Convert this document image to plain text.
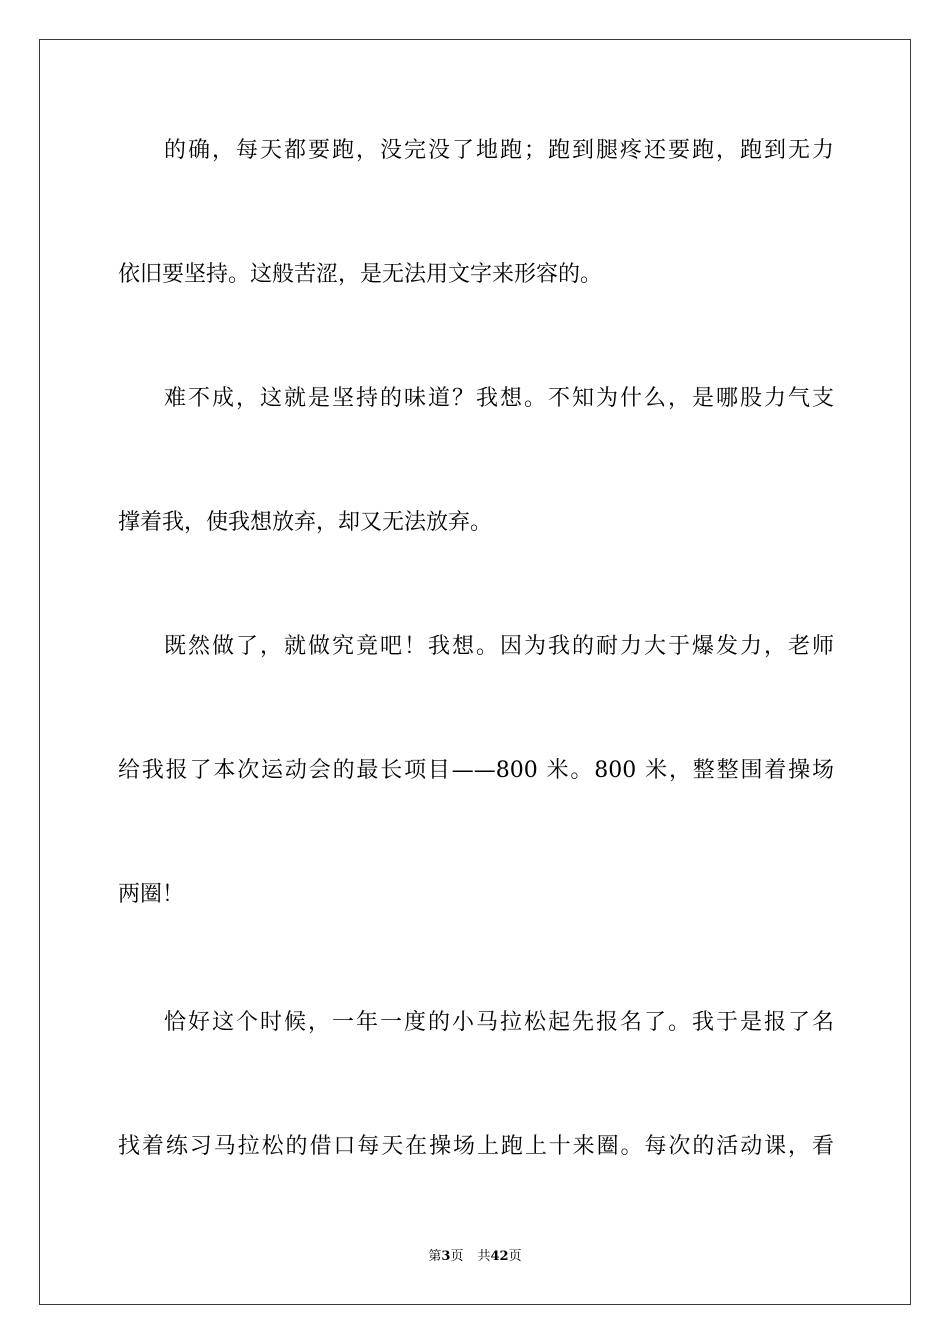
的确，每天都要跑，没完没了地跑；跑到腿疼还要跑，跑到无力
依旧要坚持。这般苦涩，是无法用文字来形容的。
难不成，这就是坚持的味道？我想。不知为什么，是哪股力气支
撑着我，使我想放弃，却又无法放弃。
既然做了，就做究竟吧！我想。因为我的耐力大于爆发力，老师
给我报了本次运动会的最长项目——800 米。800 米，整整围着操场
两圈！
恰好这个时候，一年一度的小马拉松起先报名了。我于是报了名
找着练习马拉松的借口每天在操场上跑上十来圈。每次的活动课，看
第3页 共42页
